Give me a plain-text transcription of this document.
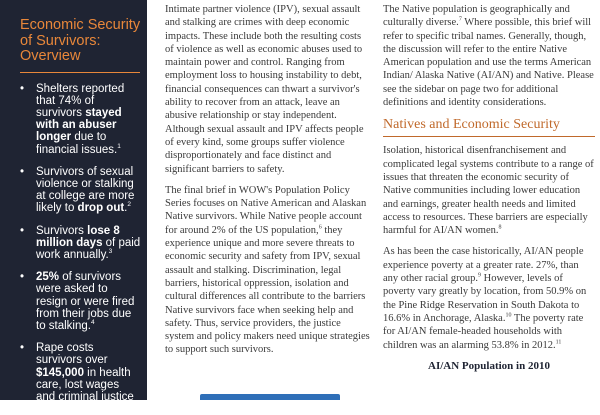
Economic Security of Survivors: Overview
• Shelters reported that 74% of survivors stayed with an abuser longer due to financial issues.$^1$
• Survivors of sexual violence or stalking at college are more likely to drop out.$^2$
• Survivors lose 8 million days of paid work annually.$^3$
• 25% of survivors were asked to resign or were fired from their jobs due to stalking.$^4$
• Rape costs survivors over $145,000 in health care, lost wages and criminal justice system costs.$^5$

Intimate partner violence (IPV), sexual assault and stalking are crimes with deep economic impacts. These include both the resulting costs of violence as well as economic abuses used to maintain power and control. Ranging from employment loss to housing instability to debt, financial consequences can thwart a survivor's ability to recover from an attack, leave an abusive relationship or stay independent. Although sexual assault and IPV affects people of every kind, some groups suffer violence disproportionately and face distinct and significant barriers to safety.

The final brief in WOW's Population Policy Series focuses on Native American and Alaskan Native survivors. While Native people account for around 2% of the US population,$^6$ they experience unique and more severe threats to economic security and safety from IPV, sexual assault and stalking. Discrimination, legal barriers, historical oppression, isolation and cultural differences all contribute to the barriers Native survivors face when seeking help and safety. Thus, service providers, the justice system and policy makers need unique strategies to support such survivors.

The Native population is geographically and culturally diverse.$^7$ Where possible, this brief will refer to specific tribal names. Generally, though, the discussion will refer to the entire Native American population and use the terms American Indian/ Alaska Native (AI/AN) and Native. Please see the sidebar on page two for additional definitions and identity considerations.

Natives and Economic Security

Isolation, historical disenfranchisement and complicated legal systems contribute to a range of issues that threaten the economic security of Native communities including lower education and earnings, greater health needs and limited access to resources. These barriers are especially harmful for AI/AN women.$^8$

As has been the case historically, AI/AN people experience poverty at a greater rate. 27%, than any other racial group.$^9$ However, levels of poverty vary greatly by location, from 50.9% on the Pine Ridge Reservation in South Dakota to 16.6% in Anchorage, Alaska.$^{10}$ The poverty rate for AI/AN female-headed households with children was an alarming 53.8% in 2012.11

AI/AN Population in 2010
